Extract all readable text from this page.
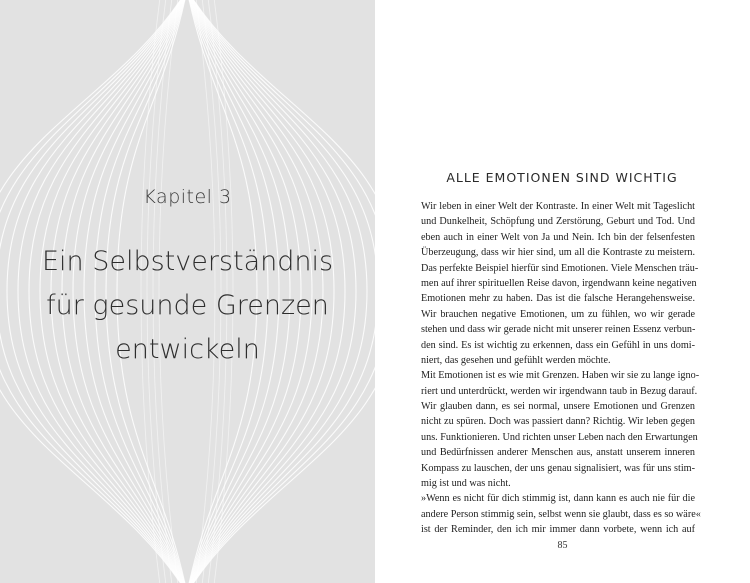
Kapitel 3
Ein Selbstverständnis
für gesunde Grenzen
entwickeln
ALLE EMOTIONEN SIND WICHTIG
Wir leben in einer Welt der Kontraste. In einer Welt mit Tageslicht
und Dunkelheit, Schöpfung und Zerstörung, Geburt und Tod. Und
eben auch in einer Welt von Ja und Nein. Ich bin der felsenfesten
Überzeugung, dass wir hier sind, um all die Kontraste zu meistern.
Das perfekte Beispiel hierfür sind Emotionen. Viele Menschen träu-
men auf ihrer spirituellen Reise davon, irgendwann keine negativen
Emotionen mehr zu haben. Das ist die falsche Herangehensweise.
Wir brauchen negative Emotionen, um zu fühlen, wo wir gerade
stehen und dass wir gerade nicht mit unserer reinen Essenz verbun-
den sind. Es ist wichtig zu erkennen, dass ein Gefühl in uns domi-
niert, das gesehen und gefühlt werden möchte.
Mit Emotionen ist es wie mit Grenzen. Haben wir sie zu lange igno-
riert und unterdrückt, werden wir irgendwann taub in Bezug darauf.
Wir glauben dann, es sei normal, unsere Emotionen und Grenzen
nicht zu spüren. Doch was passiert dann? Richtig. Wir leben gegen
uns. Funktionieren. Und richten unser Leben nach den Erwartungen
und Bedürfnissen anderer Menschen aus, anstatt unserem inneren
Kompass zu lauschen, der uns genau signalisiert, was für uns stim-
mig ist und was nicht.
»Wenn es nicht für dich stimmig ist, dann kann es auch nie für die
andere Person stimmig sein, selbst wenn sie glaubt, dass es so wäre«
ist der Reminder, den ich mir immer dann vorbete, wenn ich auf
85
